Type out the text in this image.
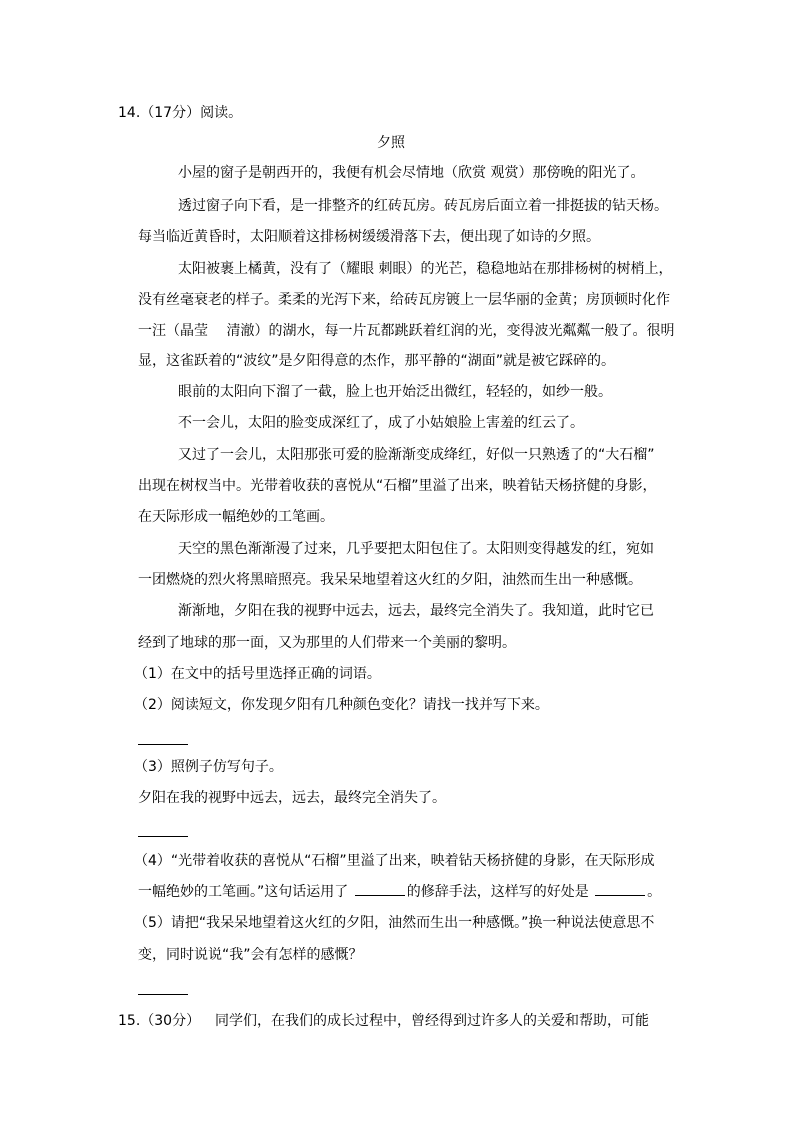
14.（17分）阅读。
夕照
小屋的窗子是朝西开的，我便有机会尽情地（欣赏 观赏）那傍晚的阳光了。
透过窗子向下看，是一排整齐的红砖瓦房。砖瓦房后面立着一排挺拔的钻天杨。
每当临近黄昏时，太阳顺着这排杨树缓缓滑落下去，便出现了如诗的夕照。
太阳被裹上橘黄，没有了（耀眼 刺眼）的光芒，稳稳地站在那排杨树的树梢上，
没有丝毫衰老的样子。柔柔的光泻下来，给砖瓦房镀上一层华丽的金黄；房顶顿时化作
一汪（晶莹　 清澈）的湖水，每一片瓦都跳跃着红润的光，变得波光粼粼一般了。很明
显，这雀跃着的“波纹”是夕阳得意的杰作，那平静的“湖面”就是被它踩碎的。
眼前的太阳向下溜了一截，脸上也开始泛出微红，轻轻的，如纱一般。
不一会儿，太阳的脸变成深红了，成了小姑娘脸上害羞的红云了。
又过了一会儿，太阳那张可爱的脸渐渐变成绛红，好似一只熟透了的“大石榴”
出现在树杈当中。光带着收获的喜悦从“石榴”里溢了出来，映着钻天杨挤健的身影，
在天际形成一幅绝妙的工笔画。
天空的黑色渐渐漫了过来，几乎要把太阳包住了。太阳则变得越发的红，宛如
一团燃烧的烈火将黑暗照亮。我呆呆地望着这火红的夕阳，油然而生出一种感慨。
渐渐地，夕阳在我的视野中远去，远去，最终完全消失了。我知道，此时它已
经到了地球的那一面，又为那里的人们带来一个美丽的黎明。
（1）在文中的括号里选择正确的词语。
（2）阅读短文，你发现夕阳有几种颜色变化？请找一找并写下来。
（3）照例子仿写句子。
夕阳在我的视野中远去，远去，最终完全消失了。
（4）“光带着收获的喜悦从“石榴”里溢了出来，映着钻天杨挤健的身影，在天际形成
一幅绝妙的工笔画。”这句话运用了	的修辞手法，这样写的好处是	。
（5）请把“我呆呆地望着这火红的夕阳，油然而生出一种感慨。”换一种说法使意思不
变，同时说说“我”会有怎样的感慨？
15.（30分） 同学们，在我们的成长过程中，曾经得到过许多人的关爱和帮助，可能
